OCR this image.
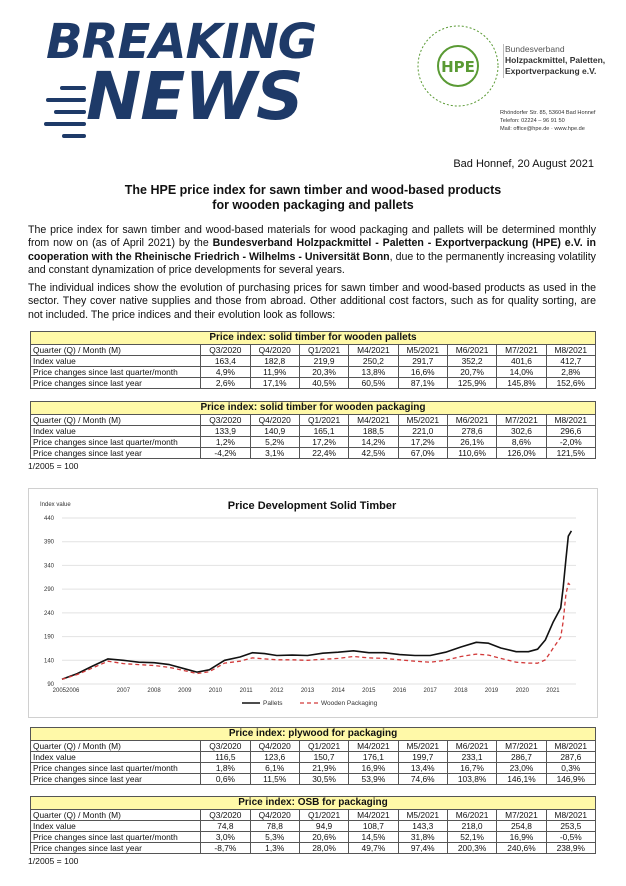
BREAKING
NEWS	HPE
Bundesverband
Holzpackmittel, Paletten,
Exportverpackung e.V.
Rhöndorfer Str. 85, 53604 Bad Honnef
Telefon: 02224 – 96 91 50
Mail: office@hpe.de · www.hpe.de
Bad Honnef, 20 August 2021
The HPE price index for sawn timber and wood-based products
for wooden packaging and pallets
The price index for sawn timber and wood-based materials for wood packaging and pallets will be determined monthly from now on (as of April 2021) by the Bundesverband Holzpackmittel - Paletten - Exportverpackung (HPE) e.V. in cooperation with the Rheinische Friedrich - Wilhelms - Universität Bonn, due to the permanently increasing volatility and constant dynamization of price developments for several years.
The individual indices show the evolution of purchasing prices for sawn timber and wood-based products as used in the sector. They cover native supplies and those from abroad. Other additional cost factors, such as for quality sorting, are not included. The price indices and their evolution look as follows:
Price index: solid timber for wooden pallets								
Quarter (Q) / Month (M)	Q3/2020	Q4/2020	Q1/2021	M4/2021	M5/2021	M6/2021	M7/2021	M8/2021
Index value	163,4	182,8	219,9	250,2	291,7	352,2	401,6	412,7
Price changes since last quarter/month	4,9%	11,9%	20,3%	13,8%	16,6%	20,7%	14,0%	2,8%
Price changes since last year	2,6%	17,1%	40,5%	60,5%	87,1%	125,9%	145,8%	152,6%
Price index: solid timber for wooden packaging								
Quarter (Q) / Month (M)	Q3/2020	Q4/2020	Q1/2021	M4/2021	M5/2021	M6/2021	M7/2021	M8/2021
Index value	133,9	140,9	165,1	188,5	221,0	278,6	302,6	296,6
Price changes since last quarter/month	1,2%	5,2%	17,2%	14,2%	17,2%	26,1%	8,6%	-2,0%
Price changes since last year	-4,2%	3,1%	22,4%	42,5%	67,0%	110,6%	126,0%	121,5%
1/2005 = 100
Price Development Solid Timber
Index value
90
140
190
240
290
340
390
440
20052006	2007	2008	2009	2010	2011	2012	2013	2014	2015	2016	2017	2018	2019	2020	2021
Pallets	Wooden Packaging
Price index: plywood for packaging								
Quarter (Q) / Month (M)	Q3/2020	Q4/2020	Q1/2021	M4/2021	M5/2021	M6/2021	M7/2021	M8/2021
Index value	116,5	123,6	150,7	176,1	199,7	233,1	286,7	287,6
Price changes since last quarter/month	1,8%	6,1%	21,9%	16,9%	13,4%	16,7%	23,0%	0,3%
Price changes since last year	0,6%	11,5%	30,5%	53,9%	74,6%	103,8%	146,1%	146,9%
Price index: OSB for packaging								
Quarter (Q) / Month (M)	Q3/2020	Q4/2020	Q1/2021	M4/2021	M5/2021	M6/2021	M7/2021	M8/2021
Index value	74,8	78,8	94,9	108,7	143,3	218,0	254,8	253,5
Price changes since last quarter/month	3,0%	5,3%	20,6%	14,5%	31,8%	52,1%	16,9%	-0,5%
Price changes since last year	-8,7%	1,3%	28,0%	49,7%	97,4%	200,3%	240,6%	238,9%
1/2005 = 100
